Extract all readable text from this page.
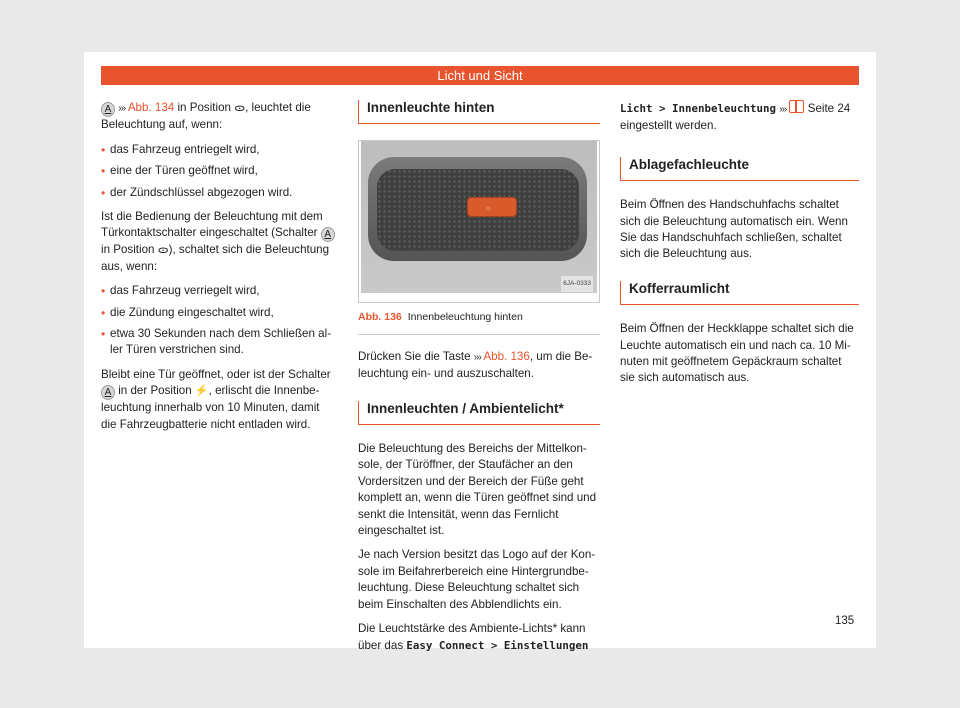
Licht und Sicht

A ››› Abb. 134 in Position ᯣ, leuchtet die Beleuchtung auf, wenn:

• das Fahrzeug entriegelt wird,
• eine der Türen geöffnet wird,
• der Zündschlüssel abgezogen wird.

Ist die Bedienung der Beleuchtung mit dem Türkontaktschalter eingeschaltet (Schalter A in Position ᯣ), schaltet sich die Beleuchtung aus, wenn:

• das Fahrzeug verriegelt wird,
• die Zündung eingeschaltet wird,
• etwa 30 Sekunden nach dem Schließen aller Türen verstrichen sind.

Bleibt eine Tür geöffnet, oder ist der Schalter A in der Position ⚡, erlischt die Innenbeleuchtung innerhalb von 10 Minuten, damit die Fahrzeugbatterie nicht entladen wird.

Innenleuchte hinten
☼
6JA-0333
Abb. 136 Innenbeleuchtung hinten

Drücken Sie die Taste ››› Abb. 136, um die Beleuchtung ein- und auszuschalten.

Innenleuchten / Ambientelicht*

Die Beleuchtung des Bereichs der Mittelkonsole, der Türöffner, der Staufächer an den Vordersitzen und der Bereich der Füße geht komplett an, wenn die Türen geöffnet sind und senkt die Intensität, wenn das Fernlicht eingeschaltet ist.

Je nach Version besitzt das Logo auf der Konsole im Beifahrerbereich eine Hintergrundbeleuchtung. Diese Beleuchtung schaltet sich beim Einschalten des Abblendlichts ein.

Die Leuchtstärke des Ambiente-Lichts* kann über das Easy Connect > Einstellungen

Licht > Innenbeleuchtung ›››  Seite 24 eingestellt werden.

Ablagefachleuchte

Beim Öffnen des Handschuhfachs schaltet sich die Beleuchtung automatisch ein. Wenn Sie das Handschuhfach schließen, schaltet sich die Beleuchtung aus.

Kofferraumlicht

Beim Öffnen der Heckklappe schaltet sich die Leuchte automatisch ein und nach ca. 10 Minuten mit geöffnetem Gepäckraum schaltet sie sich automatisch aus.

135
